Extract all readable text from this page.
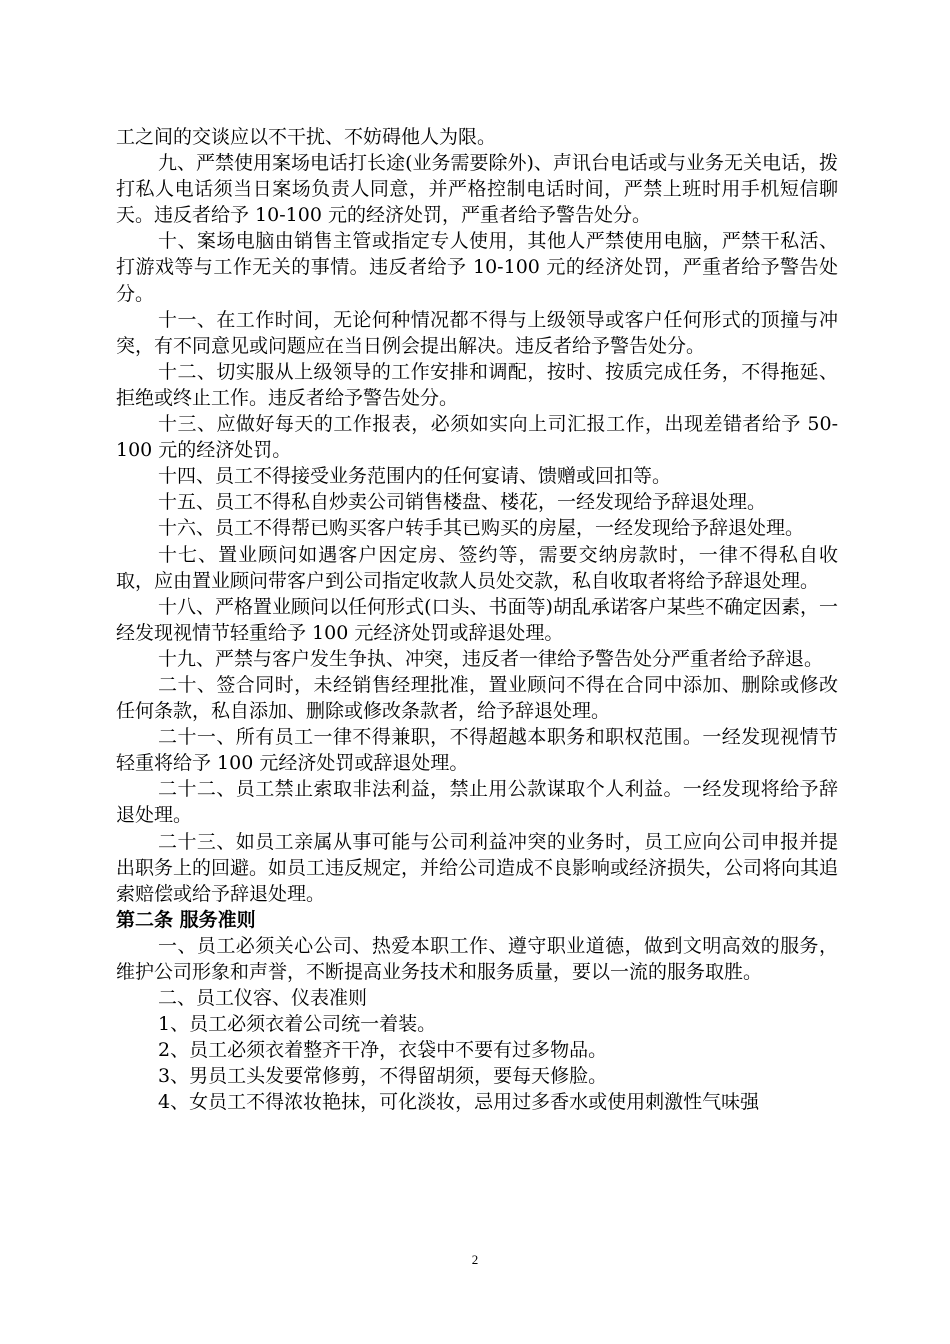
工之间的交谈应以不干扰、不妨碍他人为限。

九、严禁使用案场电话打长途(业务需要除外)、声讯台电话或与业务无关电话，拨打私人电话须当日案场负责人同意，并严格控制电话时间，严禁上班时用手机短信聊天。违反者给予 10-100 元的经济处罚，严重者给予警告处分。

十、案场电脑由销售主管或指定专人使用，其他人严禁使用电脑，严禁干私活、打游戏等与工作无关的事情。违反者给予 10-100 元的经济处罚，严重者给予警告处分。

十一、在工作时间，无论何种情况都不得与上级领导或客户任何形式的顶撞与冲突，有不同意见或问题应在当日例会提出解决。违反者给予警告处分。

十二、切实服从上级领导的工作安排和调配，按时、按质完成任务，不得拖延、拒绝或终止工作。违反者给予警告处分。

十三、应做好每天的工作报表，必须如实向上司汇报工作，出现差错者给予 50-100 元的经济处罚。

十四、员工不得接受业务范围内的任何宴请、馈赠或回扣等。

十五、员工不得私自炒卖公司销售楼盘、楼花，一经发现给予辞退处理。

十六、员工不得帮已购买客户转手其已购买的房屋，一经发现给予辞退处理。

十七、置业顾问如遇客户因定房、签约等，需要交纳房款时，一律不得私自收取，应由置业顾问带客户到公司指定收款人员处交款，私自收取者将给予辞退处理。

十八、严格置业顾问以任何形式(口头、书面等)胡乱承诺客户某些不确定因素，一经发现视情节轻重给予 100 元经济处罚或辞退处理。

十九、严禁与客户发生争执、冲突，违反者一律给予警告处分严重者给予辞退。

二十、签合同时，未经销售经理批准，置业顾问不得在合同中添加、删除或修改任何条款，私自添加、删除或修改条款者，给予辞退处理。

二十一、所有员工一律不得兼职，不得超越本职务和职权范围。一经发现视情节轻重将给予 100 元经济处罚或辞退处理。

二十二、员工禁止索取非法利益，禁止用公款谋取个人利益。一经发现将给予辞退处理。

二十三、如员工亲属从事可能与公司利益冲突的业务时，员工应向公司申报并提出职务上的回避。如员工违反规定，并给公司造成不良影响或经济损失，公司将向其追索赔偿或给予辞退处理。

第二条 服务准则

一、员工必须关心公司、热爱本职工作、遵守职业道德，做到文明高效的服务，维护公司形象和声誉，不断提高业务技术和服务质量，要以一流的服务取胜。

二、员工仪容、仪表准则

1、员工必须衣着公司统一着装。

2、员工必须衣着整齐干净，衣袋中不要有过多物品。

3、男员工头发要常修剪，不得留胡须，要每天修脸。

4、女员工不得浓妆艳抹，可化淡妆，忌用过多香水或使用刺激性气味强

2
